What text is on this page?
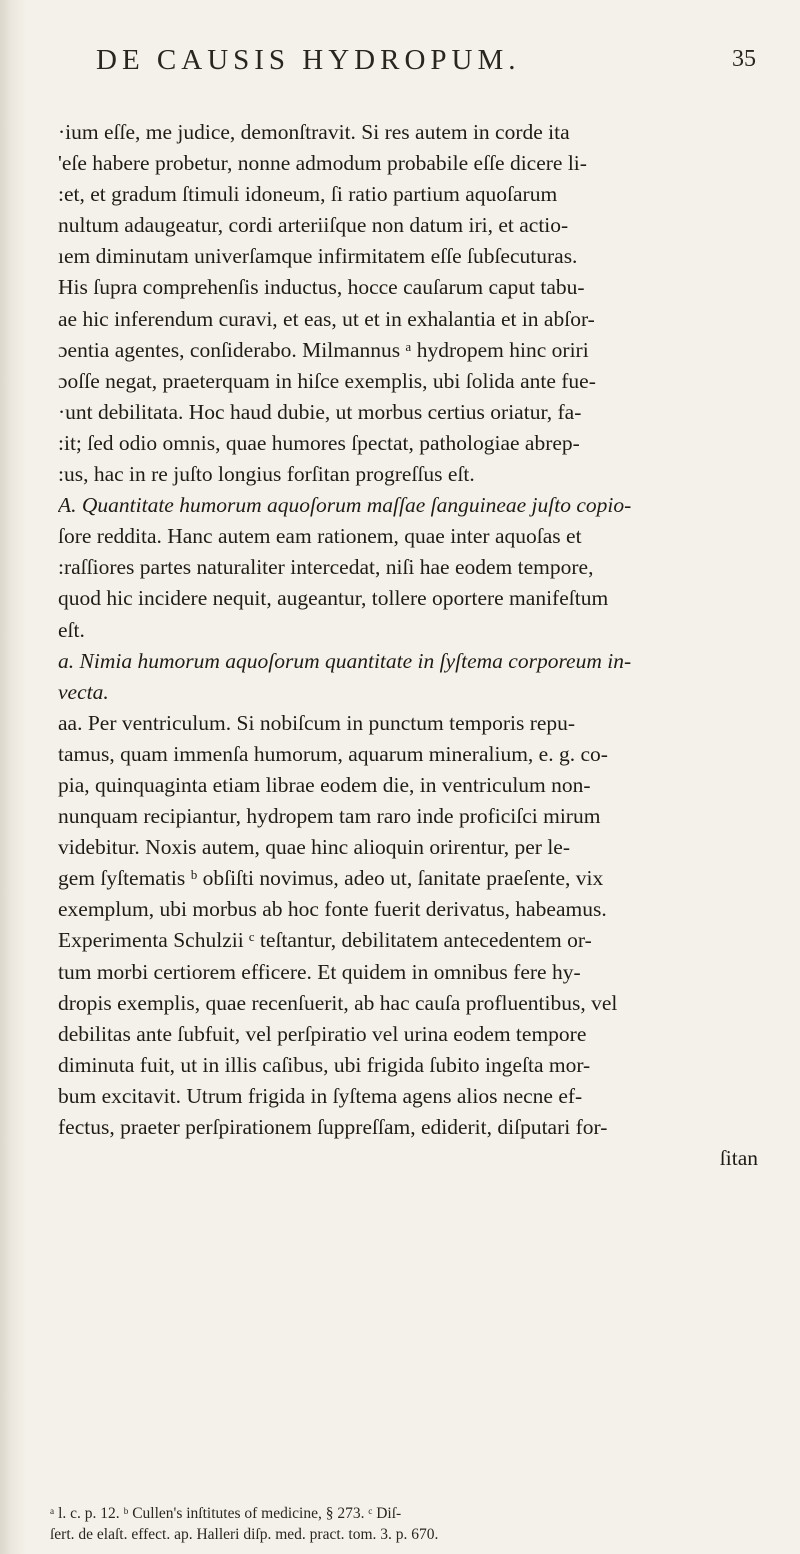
DE CAUSIS HYDROPUM.	35
·ium eſſe, me judice, demonſtravit. Si res autem in corde ita
'eſe habere probetur, nonne admodum probabile eſſe dicere li-
:et, et gradum ſtimuli idoneum, ſi ratio partium aquoſarum
nultum adaugeatur, cordi arteriiſque non datum iri, et actio-
ıem diminutam univerſamque infirmitatem eſſe ſubſecuturas.
His ſupra comprehenſis inductus, hocce cauſarum caput tabu-
ae hic inferendum curavi, et eas, ut et in exhalantia et in abſor-
ɔentia agentes, conſiderabo. Milmannus ᵃ hydropem hinc oriri
ɔoſſe negat, praeterquam in hiſce exemplis, ubi ſolida ante fue-
·unt debilitata. Hoc haud dubie, ut morbus certius oriatur, fa-
:it; ſed odio omnis, quae humores ſpectat, pathologiae abrep-
:us, hac in re juſto longius forſitan progreſſus eſt.
A. Quantitate humorum aquoſorum maſſae ſanguineae juſto copio-
ſore reddita. Hanc autem eam rationem, quae inter aquoſas et
:raſſiores partes naturaliter intercedat, niſi hae eodem tempore,
quod hic incidere nequit, augeantur, tollere oportere manifeſtum
eſt.
a. Nimia humorum aquoſorum quantitate in ſyſtema corporeum in-
vecta.
aa. Per ventriculum. Si nobiſcum in punctum temporis repu-
tamus, quam immenſa humorum, aquarum mineralium, e. g. co-
pia, quinquaginta etiam librae eodem die, in ventriculum non-
nunquam recipiantur, hydropem tam raro inde proficiſci mirum
videbitur. Noxis autem, quae hinc alioquin orirentur, per le-
gem ſyſtematis ᵇ obſiſti novimus, adeo ut, ſanitate praeſente, vix
exemplum, ubi morbus ab hoc fonte fuerit derivatus, habeamus.
Experimenta Schulzii ᶜ teſtantur, debilitatem antecedentem or-
tum morbi certiorem efficere. Et quidem in omnibus fere hy-
dropis exemplis, quae recenſuerit, ab hac cauſa profluentibus, vel
debilitas ante ſubfuit, vel perſpiratio vel urina eodem tempore
diminuta fuit, ut in illis caſibus, ubi frigida ſubito ingeſta mor-
bum excitavit. Utrum frigida in ſyſtema agens alios necne ef-
fectus, praeter perſpirationem ſuppreſſam, ediderit, diſputari for-
ſitan
ᵃ l. c. p. 12. ᵇ Cullen's inſtitutes of medicine, § 273. ᶜ Diſ-
ſert. de elaſt. effect. ap. Halleri diſp. med. pract. tom. 3. p. 670.
